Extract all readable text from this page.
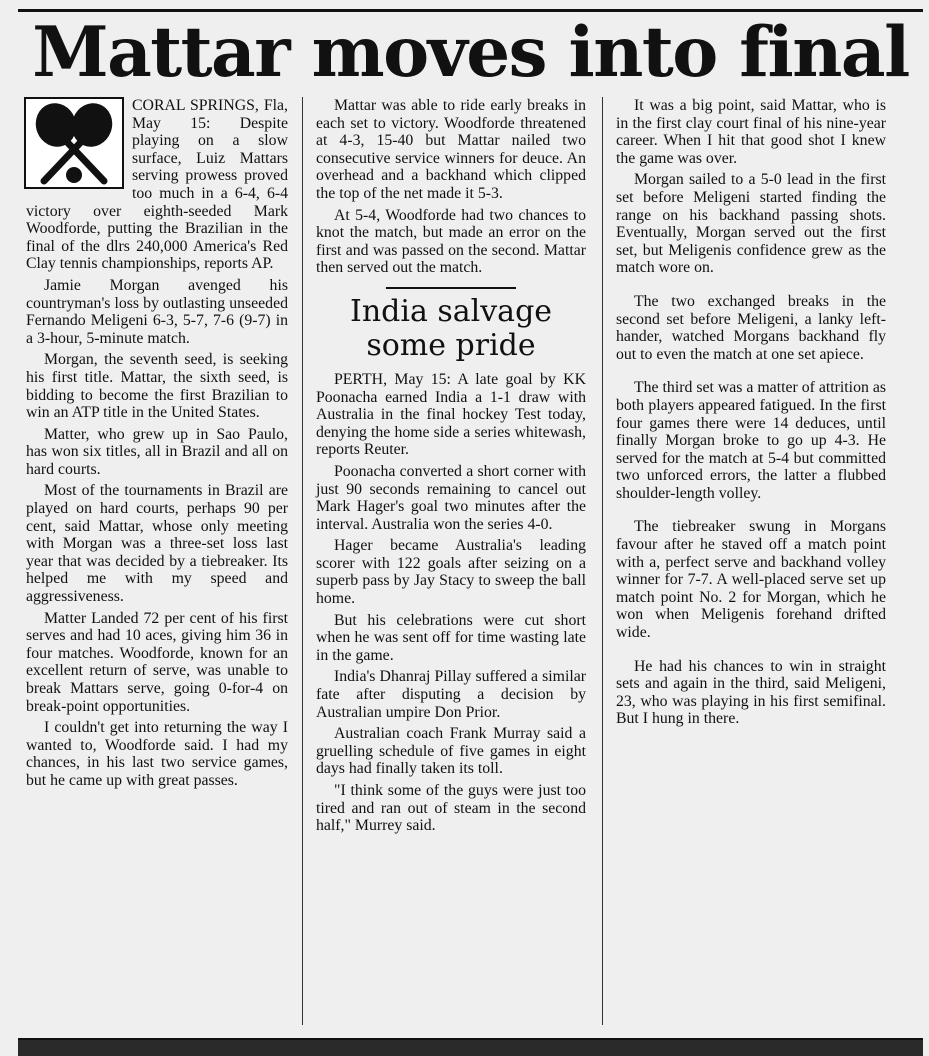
Mattar moves into final

CORAL SPRINGS, Fla, May 15: Despite playing on a slow surface, Luiz Mattars serving prowess proved too much in a 6-4, 6-4 victory over eighth-seeded Mark Woodforde, putting the Brazilian in the final of the dlrs 240,000 America's Red Clay tennis championships, reports AP.

Jamie Morgan avenged his countryman's loss by outlasting unseeded Fernando Meligeni 6-3, 5-7, 7-6 (9-7) in a 3-hour, 5-minute match.

Morgan, the seventh seed, is seeking his first title. Mattar, the sixth seed, is bidding to become the first Brazilian to win an ATP title in the United States.

Matter, who grew up in Sao Paulo, has won six titles, all in Brazil and all on hard courts.

Most of the tournaments in Brazil are played on hard courts, perhaps 90 per cent, said Mattar, whose only meeting with Morgan was a three-set loss last year that was decided by a tiebreaker. Its helped me with my speed and aggressiveness.

Matter Landed 72 per cent of his first serves and had 10 aces, giving him 36 in four matches. Woodforde, known for an excellent return of serve, was unable to break Mattars serve, going 0-for-4 on break-point opportunities.

I couldn't get into returning the way I wanted to, Woodforde said. I had my chances, in his last two service games, but he came up with great passes.

Mattar was able to ride early breaks in each set to victory. Woodforde threatened at 4-3, 15-40 but Mattar nailed two consecutive service winners for deuce. An overhead and a backhand which clipped the top of the net made it 5-3.

At 5-4, Woodforde had two chances to knot the match, but made an error on the first and was passed on the second. Mattar then served out the match.

India salvage
some pride

PERTH, May 15: A late goal by KK Poonacha earned India a 1-1 draw with Australia in the final hockey Test today, denying the home side a series whitewash, reports Reuter.

Poonacha converted a short corner with just 90 seconds remaining to cancel out Mark Hager's goal two minutes after the interval. Australia won the series 4-0.

Hager became Australia's leading scorer with 122 goals after seizing on a superb pass by Jay Stacy to sweep the ball home.

But his celebrations were cut short when he was sent off for time wasting late in the game.

India's Dhanraj Pillay suffered a similar fate after disputing a decision by Australian umpire Don Prior.

Australian coach Frank Murray said a gruelling schedule of five games in eight days had finally taken its toll.

"I think some of the guys were just too tired and ran out of steam in the second half," Murrey said.

It was a big point, said Mattar, who is in the first clay court final of his nine-year career. When I hit that good shot I knew the game was over.

Morgan sailed to a 5-0 lead in the first set before Meligeni started finding the range on his backhand passing shots. Eventually, Morgan served out the first set, but Meligenis confidence grew as the match wore on.

The two exchanged breaks in the second set before Meligeni, a lanky left-hander, watched Morgans backhand fly out to even the match at one set apiece.

The third set was a matter of attrition as both players appeared fatigued. In the first four games there were 14 deduces, until finally Morgan broke to go up 4-3. He served for the match at 5-4 but committed two unforced errors, the latter a flubbed shoulder-length volley.

The tiebreaker swung in Morgans favour after he staved off a match point with a, perfect serve and backhand volley winner for 7-7. A well-placed serve set up match point No. 2 for Morgan, which he won when Meligenis forehand drifted wide.

He had his chances to win in straight sets and again in the third, said Meligeni, 23, who was playing in his first semifinal. But I hung in there.
